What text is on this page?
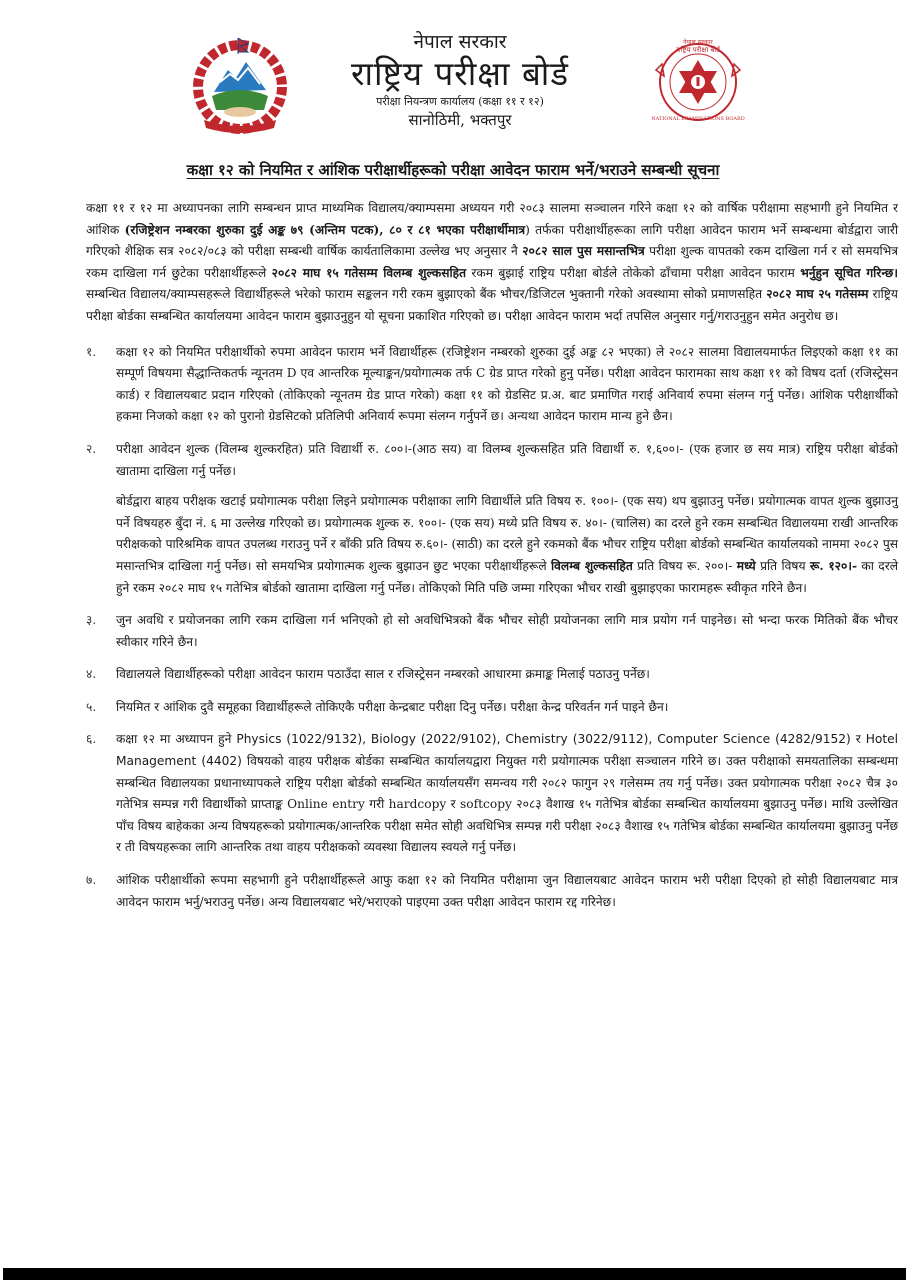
नेपाल सरकार
राष्ट्रिय परीक्षा बोर्ड
NATIONAL EXAMINATIONS BOARD
नेपाल सरकार
राष्ट्रिय परीक्षा बोर्ड
परीक्षा नियन्त्रण कार्यालय (कक्षा ११ र १२)
सानोठिमी, भक्तपुर
कक्षा १२ को नियमित र आंशिक परीक्षार्थीहरूको परीक्षा आवेदन फाराम भर्ने/भराउने सम्बन्धी सूचना

कक्षा ११ र १२ मा अध्यापनका लागि सम्बन्धन प्राप्त माध्यमिक विद्यालय/क्याम्पसमा अध्ययन गरी २०८३ सालमा सञ्चालन गरिने कक्षा १२ को वार्षिक परीक्षामा सहभागी हुने नियमित र आंशिक (रजिष्ट्रेशन नम्बरका शुरुका दुई अङ्क ७९ (अन्तिम पटक), ८० र ८१ भएका परीक्षार्थीमात्र) तर्फका परीक्षार्थीहरूका लागि परीक्षा आवेदन फाराम भर्ने सम्बन्धमा बोर्डद्वारा जारी गरिएको शैक्षिक सत्र २०८२/०८३ को परीक्षा सम्बन्धी वार्षिक कार्यतालिकामा उल्लेख भए अनुसार नै २०८२ साल पुस मसान्तभित्र परीक्षा शुल्क वापतको रकम दाखिला गर्न र सो समयभित्र रकम दाखिला गर्न छुटेका परीक्षार्थीहरूले २०८२ माघ १५ गतेसम्म विलम्ब शुल्कसहित रकम बुझाई राष्ट्रिय परीक्षा बोर्डले तोकेको ढाँचामा परीक्षा आवेदन फाराम भर्नुहुन सूचित गरिन्छ। सम्बन्धित विद्यालय/क्याम्पसहरूले विद्यार्थीहरूले भरेको फाराम सङ्कलन गरी रकम बुझाएको बैंक भौचर/डिजिटल भुक्तानी गरेको अवस्थामा सोको प्रमाणसहित २०८२ माघ २५ गतेसम्म राष्ट्रिय परीक्षा बोर्डका सम्बन्धित कार्यालयमा आवेदन फाराम बुझाउनुहुन यो सूचना प्रकाशित गरिएको छ। परीक्षा आवेदन फाराम भर्दा तपसिल अनुसार गर्नु/गराउनुहुन समेत अनुरोध छ।

१.	कक्षा १२ को नियमित परीक्षार्थीको रुपमा आवेदन फाराम भर्ने विद्यार्थीहरू (रजिष्ट्रेशन नम्बरको शुरुका दुई अङ्क ८२ भएका) ले २०८२ सालमा विद्यालयमार्फत लिइएको कक्षा ११ का सम्पूर्ण विषयमा सैद्धान्तिकतर्फ न्यूनतम D एव आन्तरिक मूल्याङ्कन/प्रयोगात्मक तर्फ C ग्रेड प्राप्त गरेको हुनु पर्नेछ। परीक्षा आवेदन फारामका साथ कक्षा ११ को विषय दर्ता (रजिस्ट्रेसन कार्ड) र विद्यालयबाट प्रदान गरिएको (तोकिएको न्यूनतम ग्रेड प्राप्त गरेको) कक्षा ११ को ग्रेडसिट प्र.अ. बाट प्रमाणित गराई अनिवार्य रुपमा संलग्न गर्नु पर्नेछ। आंशिक परीक्षार्थीको हकमा निजको कक्षा १२ को पुरानो ग्रेडसिटको प्रतिलिपी अनिवार्य रूपमा संलग्न गर्नुपर्ने छ। अन्यथा आवेदन फाराम मान्य हुने छैन।

२.	परीक्षा आवेदन शुल्क (विलम्ब शुल्करहित) प्रति विद्यार्थी रु. ८००।-(आठ सय) वा विलम्ब शुल्कसहित प्रति विद्यार्थी रु. १,६००।- (एक हजार छ सय मात्र) राष्ट्रिय परीक्षा बोर्डको खातामा दाखिला गर्नु पर्नेछ।

बोर्डद्वारा बाहय परीक्षक खटाई प्रयोगात्मक परीक्षा लिइने प्रयोगात्मक परीक्षाका लागि विद्यार्थीले प्रति विषय रु. १००।- (एक सय) थप बुझाउनु पर्नेछ। प्रयोगात्मक वापत शुल्क बुझाउनु पर्ने विषयहरु बुँदा नं. ६ मा उल्लेख गरिएको छ। प्रयोगात्मक शुल्क रु. १००।- (एक सय) मध्ये प्रति विषय रु. ४०।- (चालिस) का दरले हुने रकम सम्बन्धित विद्यालयमा राखी आन्तरिक परीक्षकको पारिश्रमिक वापत उपलब्ध गराउनु पर्ने र बाँकी प्रति विषय रु.६०।- (साठी) का दरले हुने रकमको बैंक भौचर राष्ट्रिय परीक्षा बोर्डको सम्बन्धित कार्यालयको नाममा २०८२ पुस मसान्तभित्र दाखिला गर्नु पर्नेछ। सो समयभित्र प्रयोगात्मक शुल्क बुझाउन छुट भएका परीक्षार्थीहरूले विलम्ब शुल्कसहित प्रति विषय रू. २००।- मध्ये प्रति विषय रू. १२०।- का दरले हुने रकम २०८२ माघ १५ गतेभित्र बोर्डको खातामा दाखिला गर्नु पर्नेछ। तोकिएको मिति पछि जम्मा गरिएका भौचर राखी बुझाइएका फारामहरू स्वीकृत गरिने छैन।

३.	जुन अवधि र प्रयोजनका लागि रकम दाखिला गर्न भनिएको हो सो अवधिभित्रको बैंक भौचर सोही प्रयोजनका लागि मात्र प्रयोग गर्न पाइनेछ। सो भन्दा फरक मितिको बैंक भौचर स्वीकार गरिने छैन।

४.	विद्यालयले विद्यार्थीहरूको परीक्षा आवेदन फाराम पठाउँदा साल र रजिस्ट्रेसन नम्बरको आधारमा क्रमाङ्क मिलाई पठाउनु पर्नेछ।

५.	नियमित र आंशिक दुवै समूहका विद्यार्थीहरूले तोकिएकै परीक्षा केन्द्रबाट परीक्षा दिनु पर्नेछ। परीक्षा केन्द्र परिवर्तन गर्न पाइने छैन।

६.	कक्षा १२ मा अध्यापन हुने Physics (1022/9132), Biology (2022/9102), Chemistry (3022/9112), Computer Science (4282/9152) र Hotel Management (4402) विषयको वाहय परीक्षक बोर्डका सम्बन्धित कार्यालयद्वारा नियुक्त गरी प्रयोगात्मक परीक्षा सञ्चालन गरिने छ। उक्त परीक्षाको समयतालिका सम्बन्धमा सम्बन्धित विद्यालयका प्रधानाध्यापकले राष्ट्रिय परीक्षा बोर्डको सम्बन्धित कार्यालयसँग समन्वय गरी २०८२ फागुन २९ गलेसम्म तय गर्नु पर्नेछ। उक्त प्रयोगात्मक परीक्षा २०८२ चैत्र ३० गतेभित्र सम्पन्न गरी विद्यार्थीको प्राप्ताङ्क Online entry गरी hardcopy र softcopy २०८३ वैशाख १५ गतेभित्र बोर्डका सम्बन्धित कार्यालयमा बुझाउनु पर्नेछ। माथि उल्लेखित पाँच विषय बाहेकका अन्य विषयहरूको प्रयोगात्मक/आन्तरिक परीक्षा समेत सोही अवधिभित्र सम्पन्न गरी परीक्षा २०८३ वैशाख १५ गतेभित्र बोर्डका सम्बन्धित कार्यालयमा बुझाउनु पर्नेछ र ती विषयहरूका लागि आन्तरिक तथा वाहय परीक्षकको व्यवस्था विद्यालय स्वयले गर्नु पर्नेछ।

७.	आंशिक परीक्षार्थीको रूपमा सहभागी हुने परीक्षार्थीहरूले आफु कक्षा १२ को नियमित परीक्षामा जुन विद्यालयबाट आवेदन फाराम भरी परीक्षा दिएको हो सोही विद्यालयबाट मात्र आवेदन फाराम भर्नु/भराउनु पर्नेछ। अन्य विद्यालयबाट भरे/भराएको पाइएमा उक्त परीक्षा आवेदन फाराम रद्द गरिनेछ।
